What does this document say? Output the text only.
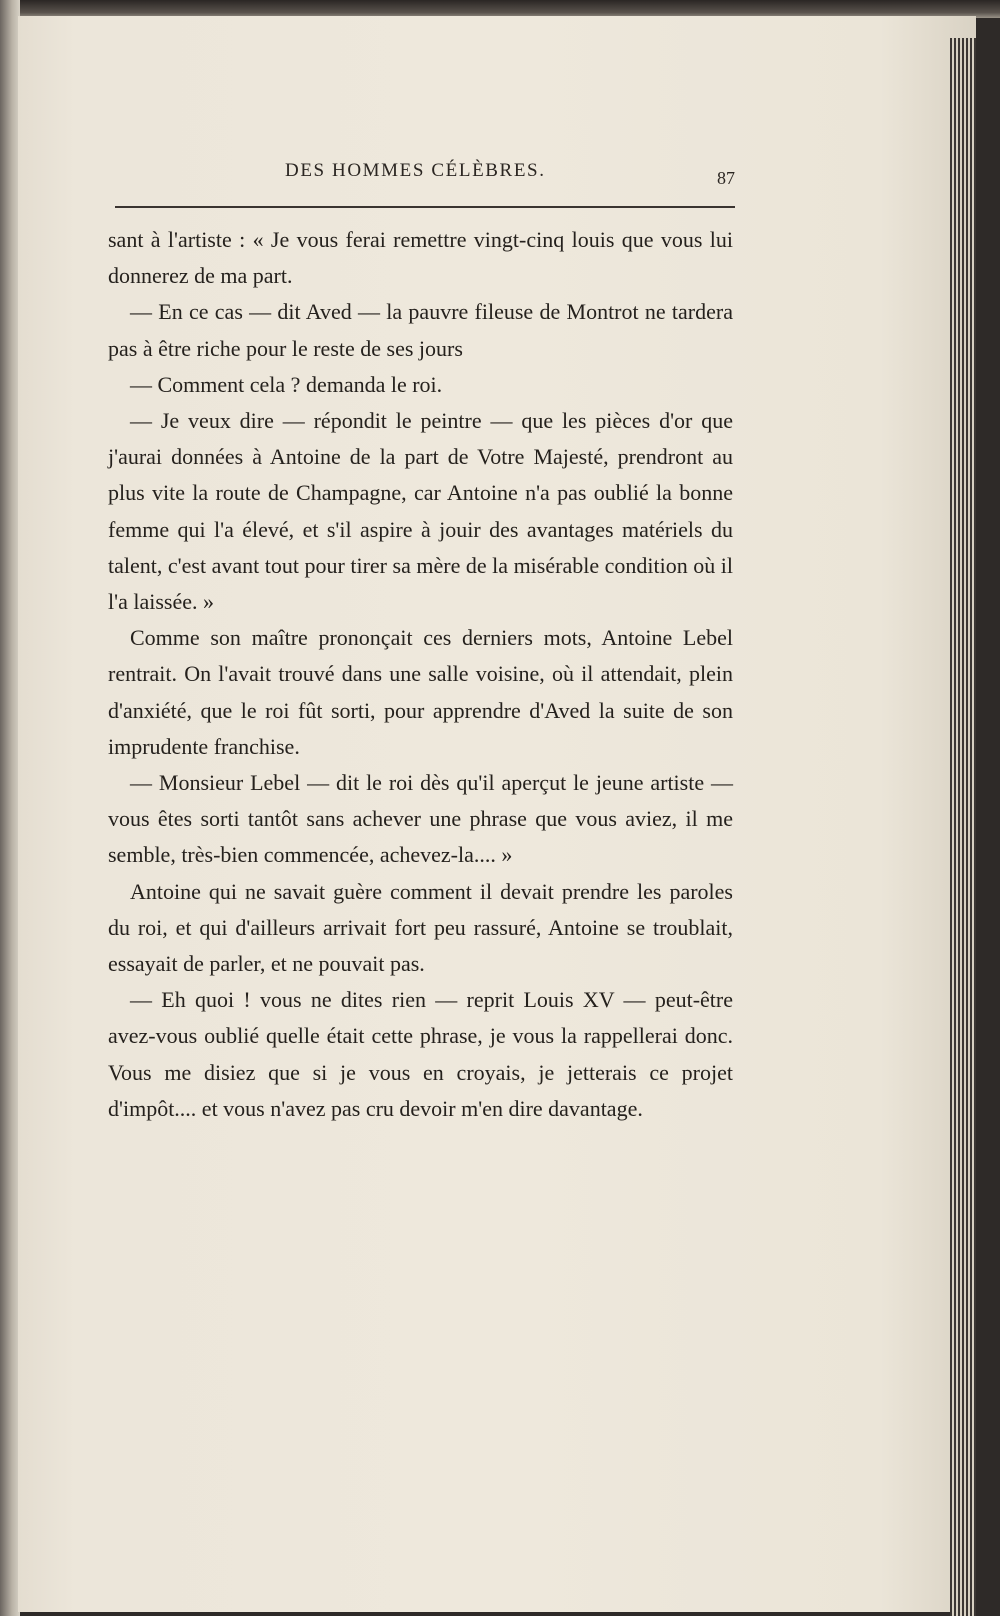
DES HOMMES CÉLÈBRES.	87

sant à l'artiste : « Je vous ferai remettre vingt-cinq louis que vous lui donnerez de ma part.

— En ce cas — dit Aved — la pauvre fileuse de Montrot ne tardera pas à être riche pour le reste de ses jours

— Comment cela ? demanda le roi.

— Je veux dire — répondit le peintre — que les pièces d'or que j'aurai données à Antoine de la part de Votre Majesté, prendront au plus vite la route de Champagne, car Antoine n'a pas oublié la bonne femme qui l'a élevé, et s'il aspire à jouir des avantages matériels du talent, c'est avant tout pour tirer sa mère de la misérable condition où il l'a laissée. »

Comme son maître prononçait ces derniers mots, Antoine Lebel rentrait. On l'avait trouvé dans une salle voisine, où il attendait, plein d'anxiété, que le roi fût sorti, pour apprendre d'Aved la suite de son imprudente franchise.

— Monsieur Lebel — dit le roi dès qu'il aperçut le jeune artiste — vous êtes sorti tantôt sans achever une phrase que vous aviez, il me semble, très-bien commencée, achevez-la.... »

Antoine qui ne savait guère comment il devait prendre les paroles du roi, et qui d'ailleurs arrivait fort peu rassuré, Antoine se troublait, essayait de parler, et ne pouvait pas.

— Eh quoi ! vous ne dites rien — reprit Louis XV — peut-être avez-vous oublié quelle était cette phrase, je vous la rappellerai donc. Vous me disiez que si je vous en croyais, je jetterais ce projet d'impôt.... et vous n'avez pas cru devoir m'en dire davantage.
